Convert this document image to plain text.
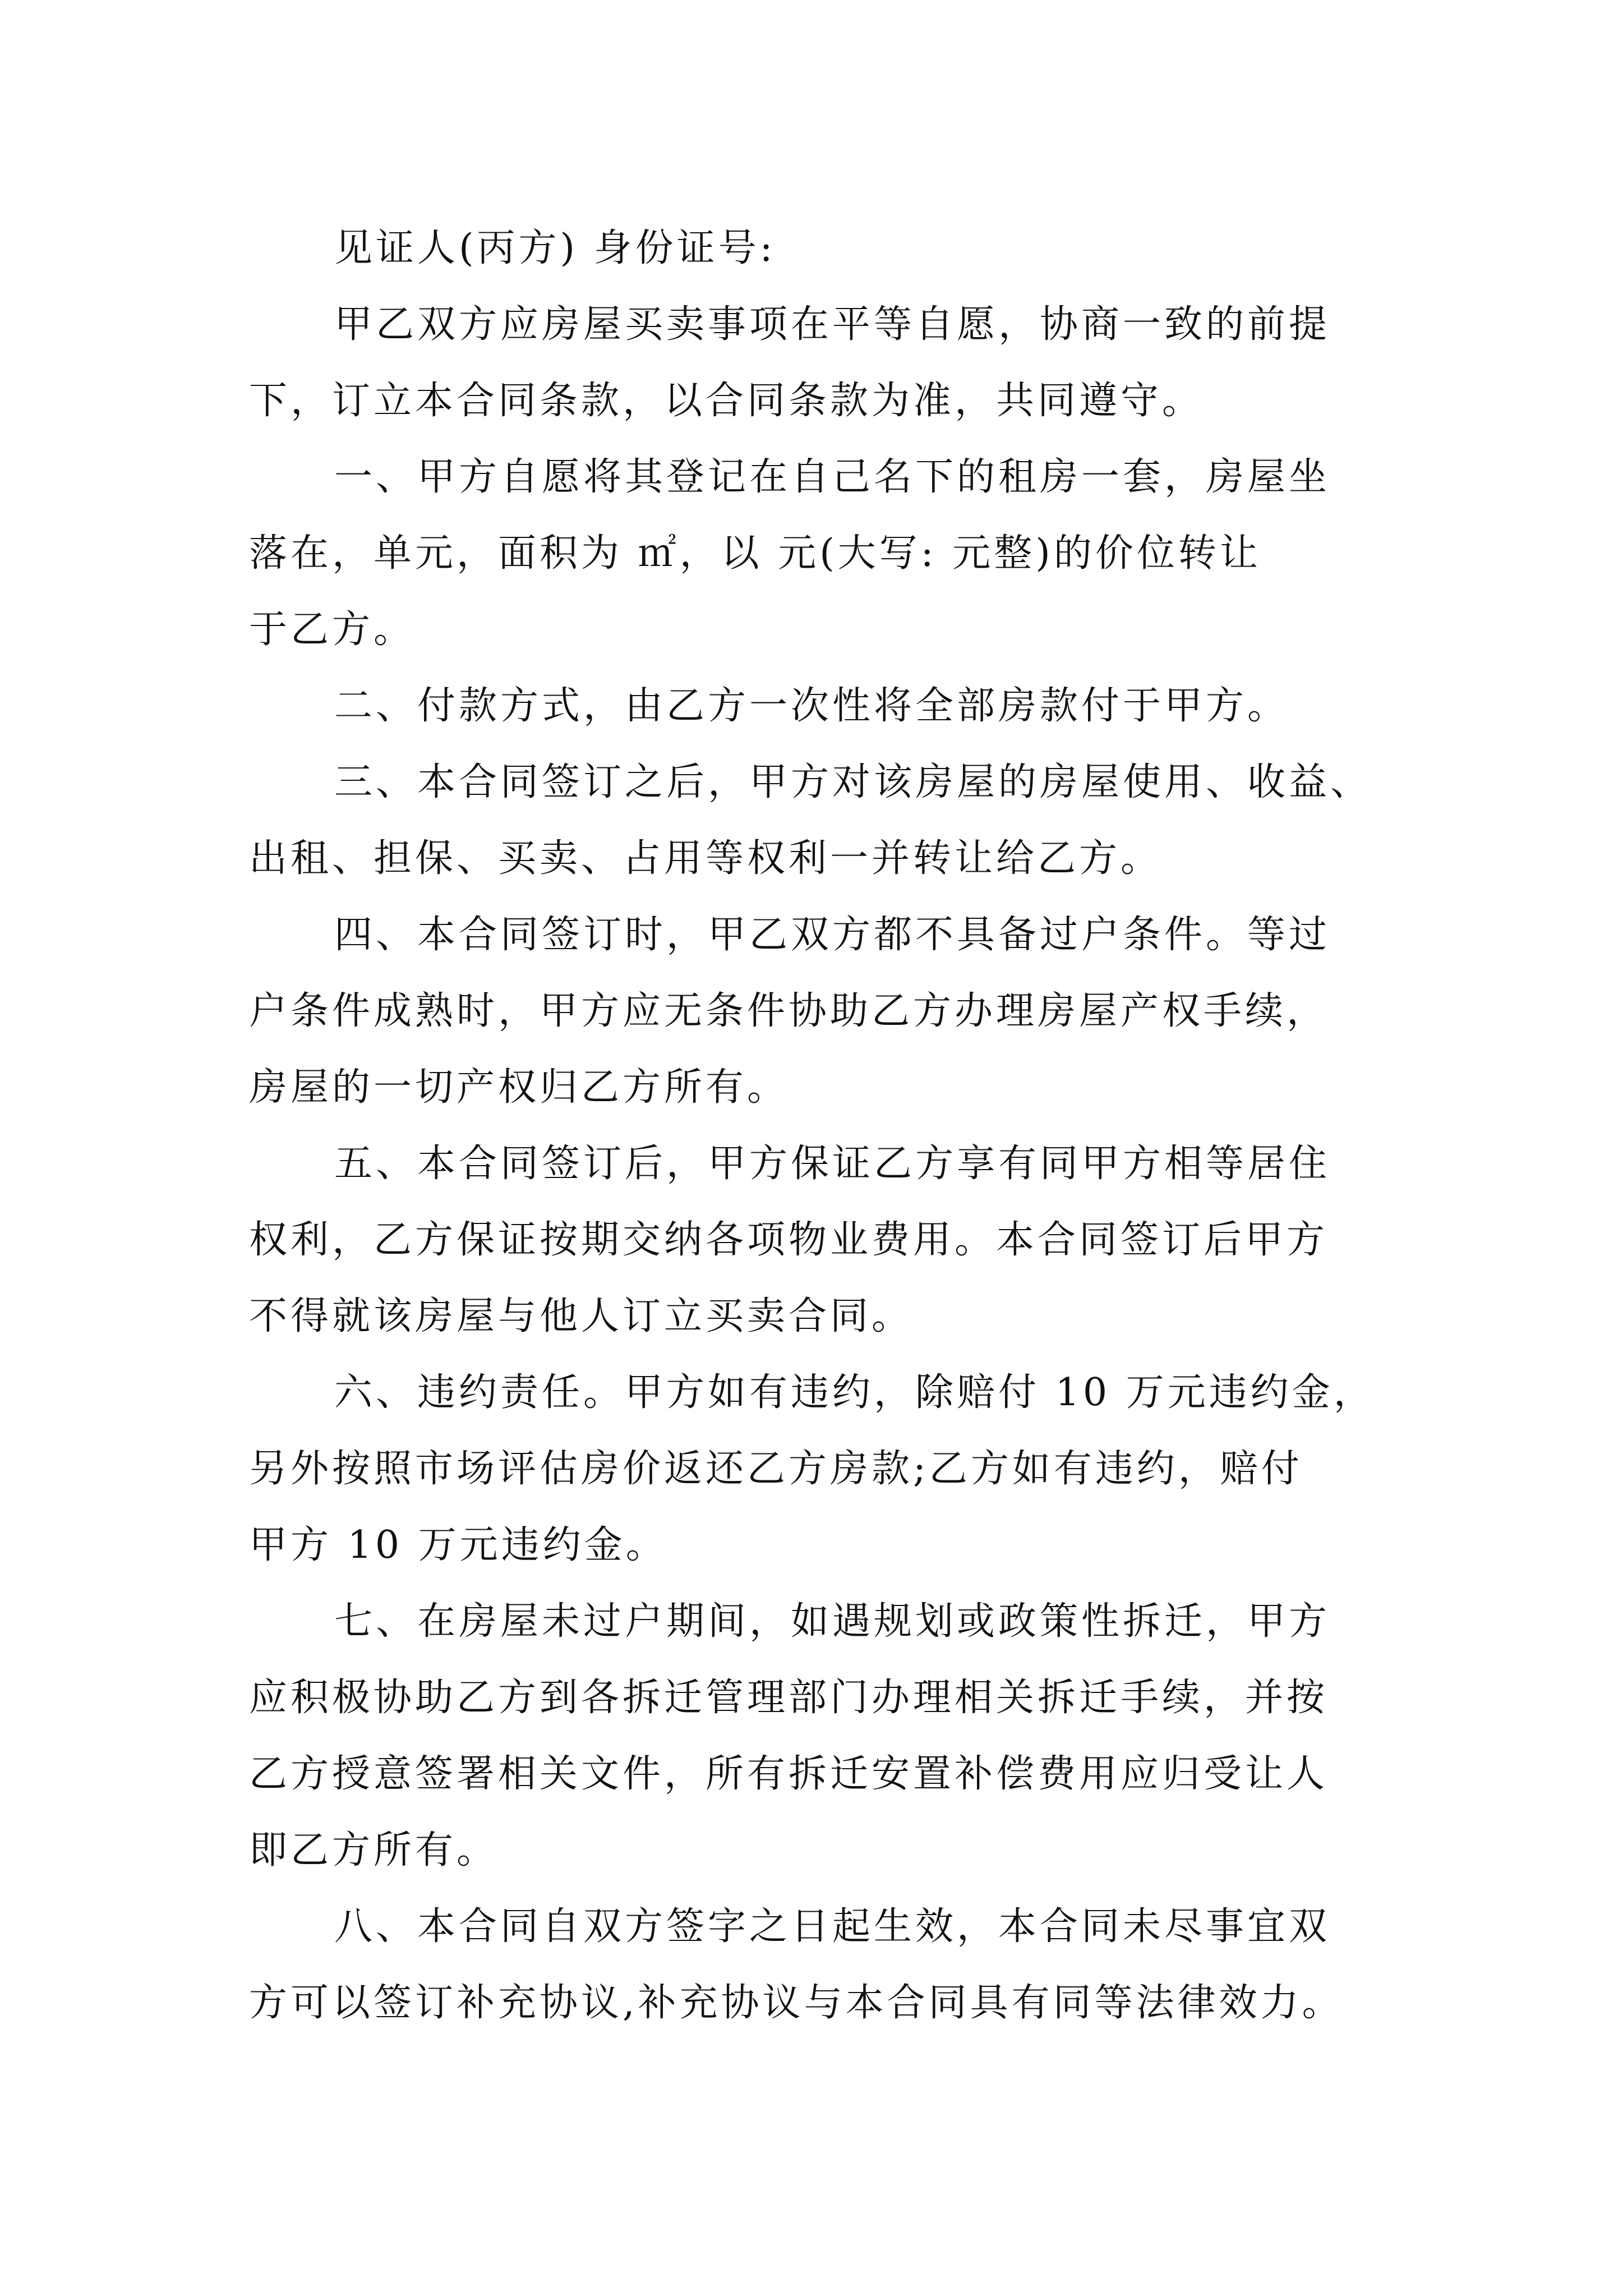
见证人(丙方) 身份证号:

甲乙双方应房屋买卖事项在平等自愿，协商一致的前提
下，订立本合同条款，以合同条款为准，共同遵守。

一、甲方自愿将其登记在自己名下的租房一套，房屋坐
落在，单元，面积为 ㎡，以 元(大写: 元整)的价位转让
于乙方。

二、付款方式，由乙方一次性将全部房款付于甲方。

三、本合同签订之后，甲方对该房屋的房屋使用、收益、
出租、担保、买卖、占用等权利一并转让给乙方。

四、本合同签订时，甲乙双方都不具备过户条件。等过
户条件成熟时，甲方应无条件协助乙方办理房屋产权手续，
房屋的一切产权归乙方所有。

五、本合同签订后，甲方保证乙方享有同甲方相等居住
权利，乙方保证按期交纳各项物业费用。本合同签订后甲方
不得就该房屋与他人订立买卖合同。

六、违约责任。甲方如有违约，除赔付 10 万元违约金，
另外按照市场评估房价返还乙方房款;乙方如有违约，赔付
甲方 10 万元违约金。

七、在房屋未过户期间，如遇规划或政策性拆迁，甲方
应积极协助乙方到各拆迁管理部门办理相关拆迁手续，并按
乙方授意签署相关文件，所有拆迁安置补偿费用应归受让人
即乙方所有。

八、本合同自双方签字之日起生效，本合同未尽事宜双
方可以签订补充协议,补充协议与本合同具有同等法律效力。
